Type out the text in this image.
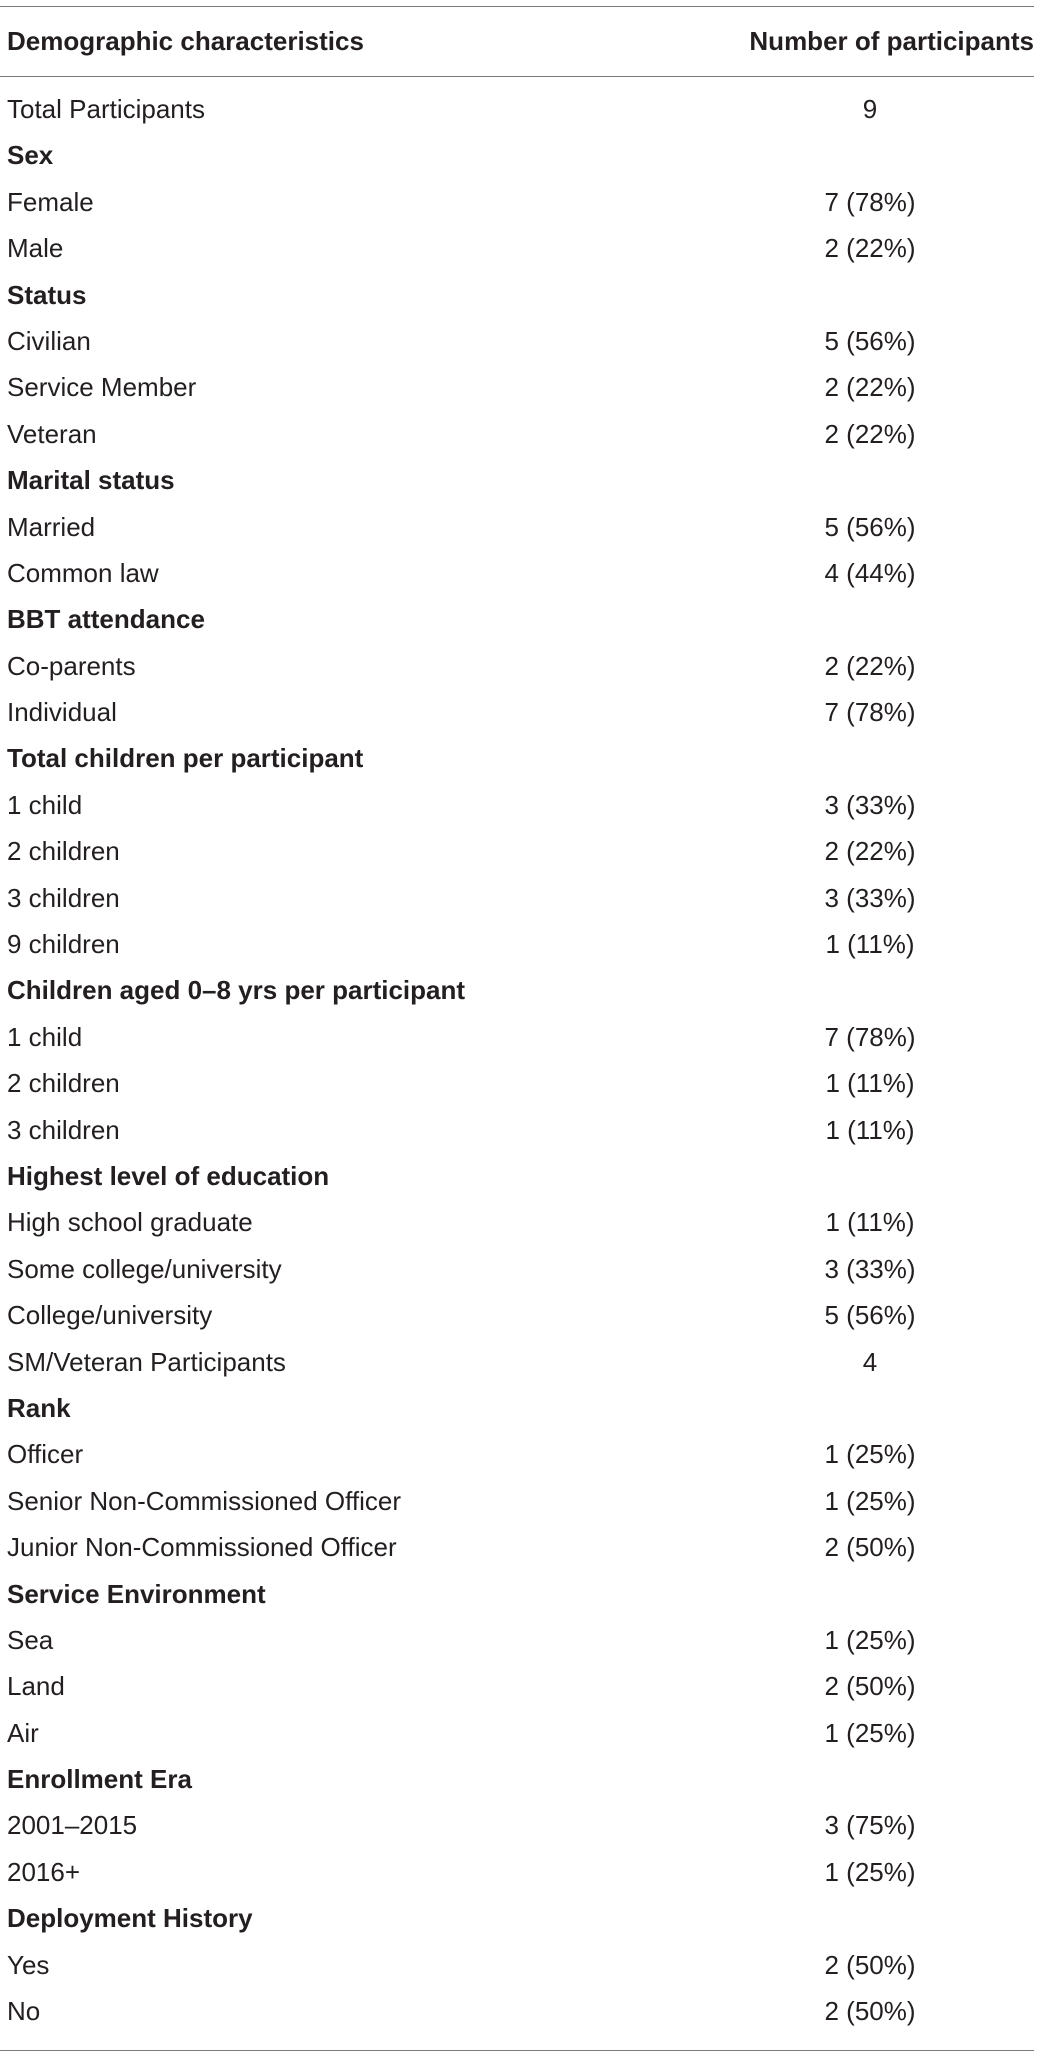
Demographic characteristics	Number of participants
Total Participants	9
Sex
Female	7 (78%)
Male	2 (22%)
Status
Civilian	5 (56%)
Service Member	2 (22%)
Veteran	2 (22%)
Marital status
Married	5 (56%)
Common law	4 (44%)
BBT attendance
Co-parents	2 (22%)
Individual	7 (78%)
Total children per participant
1 child	3 (33%)
2 children	2 (22%)
3 children	3 (33%)
9 children	1 (11%)
Children aged 0–8 yrs per participant
1 child	7 (78%)
2 children	1 (11%)
3 children	1 (11%)
Highest level of education
High school graduate	1 (11%)
Some college/university	3 (33%)
College/university	5 (56%)
SM/Veteran Participants	4
Rank
Officer	1 (25%)
Senior Non-Commissioned Officer	1 (25%)
Junior Non-Commissioned Officer	2 (50%)
Service Environment
Sea	1 (25%)
Land	2 (50%)
Air	1 (25%)
Enrollment Era
2001–2015	3 (75%)
2016+	1 (25%)
Deployment History
Yes	2 (50%)
No	2 (50%)
